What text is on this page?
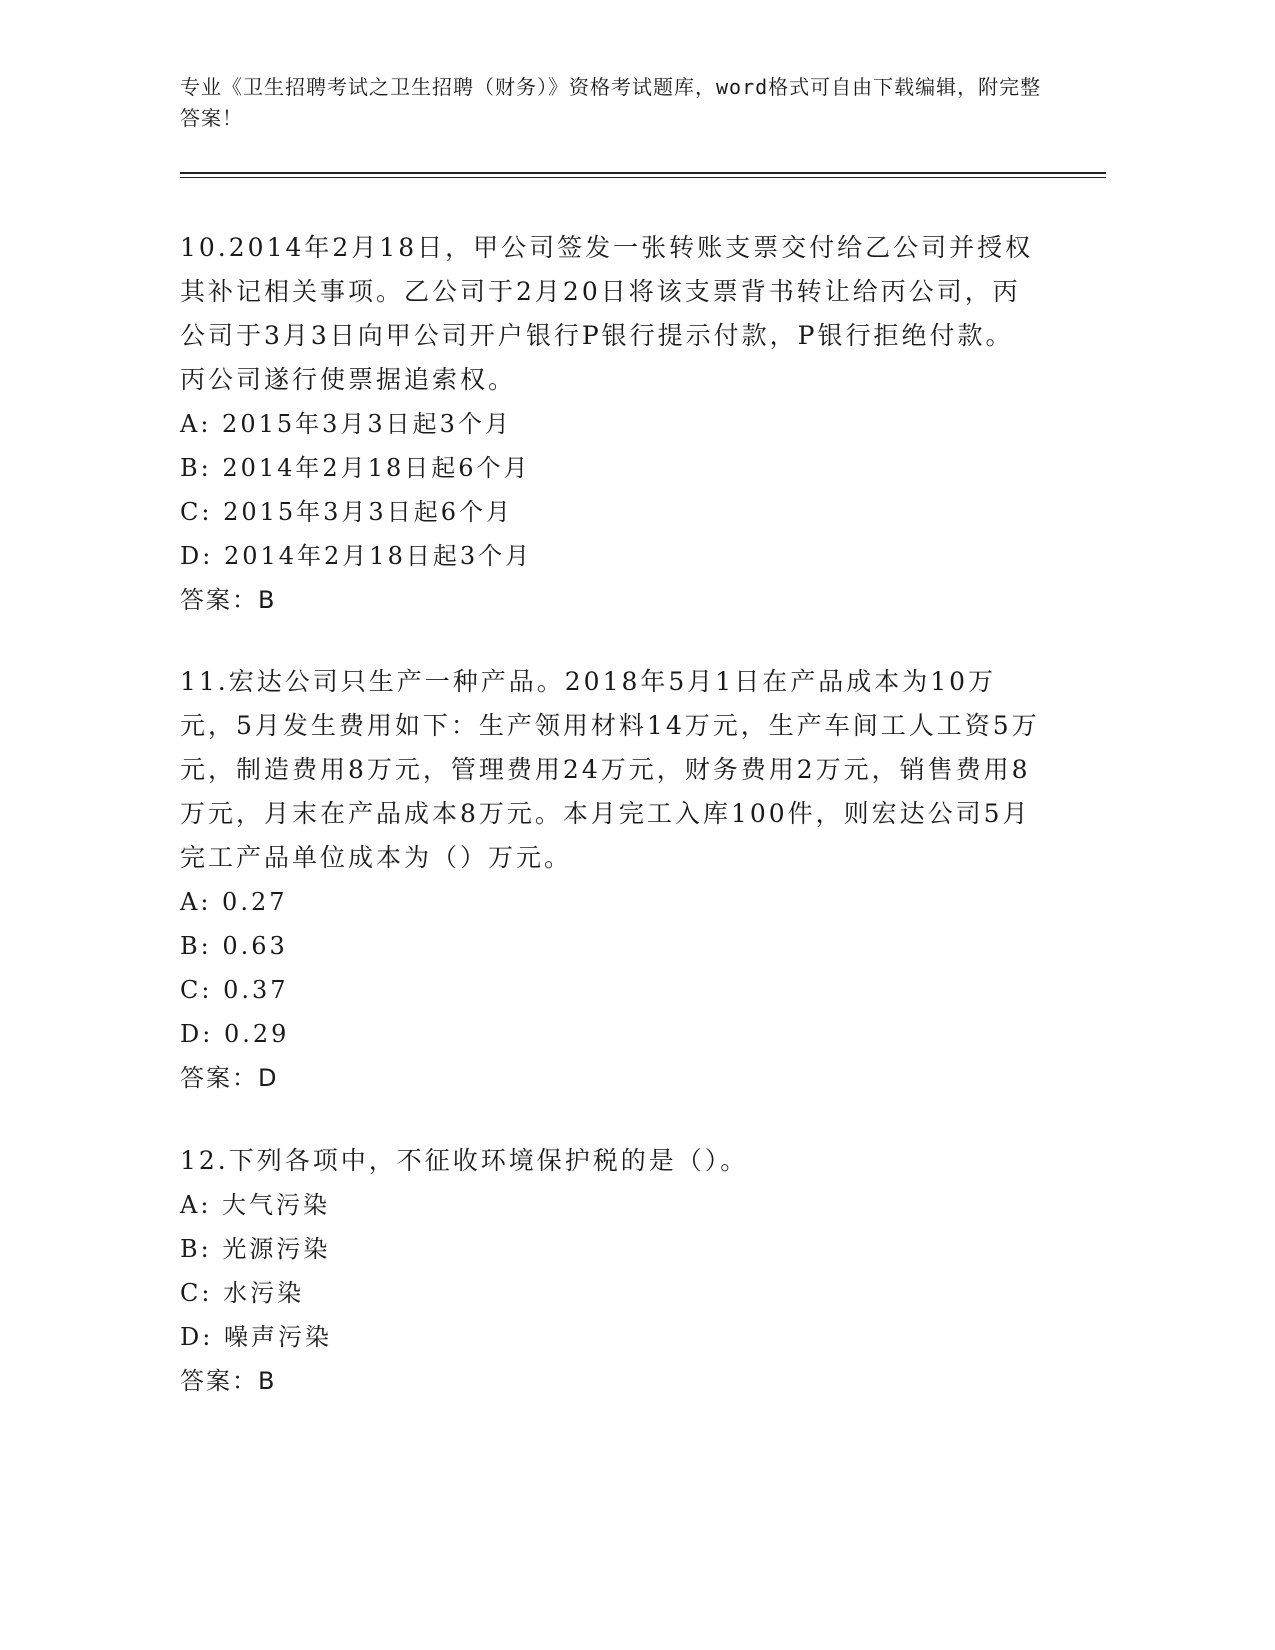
专业《卫生招聘考试之卫生招聘（财务）》资格考试题库，word格式可自由下载编辑，附完整答案！

10.2014年2月18日，甲公司签发一张转账支票交付给乙公司并授权其补记相关事项。乙公司于2月20日将该支票背书转让给丙公司，丙公司于3月3日向甲公司开户银行P银行提示付款，P银行拒绝付款。丙公司遂行使票据追索权。

A: 2015年3月3日起3个月

B: 2014年2月18日起6个月

C: 2015年3月3日起6个月

D: 2014年2月18日起3个月

答案：B

11.宏达公司只生产一种产品。2018年5月1日在产品成本为10万元，5月发生费用如下：生产领用材料14万元，生产车间工人工资5万元，制造费用8万元，管理费用24万元，财务费用2万元，销售费用8万元，月末在产品成本8万元。本月完工入库100件，则宏达公司5月完工产品单位成本为（）万元。

A: 0.27

B: 0.63

C: 0.37

D: 0.29

答案：D

12.下列各项中，不征收环境保护税的是（）。

A: 大气污染

B: 光源污染

C: 水污染

D: 噪声污染

答案：B
